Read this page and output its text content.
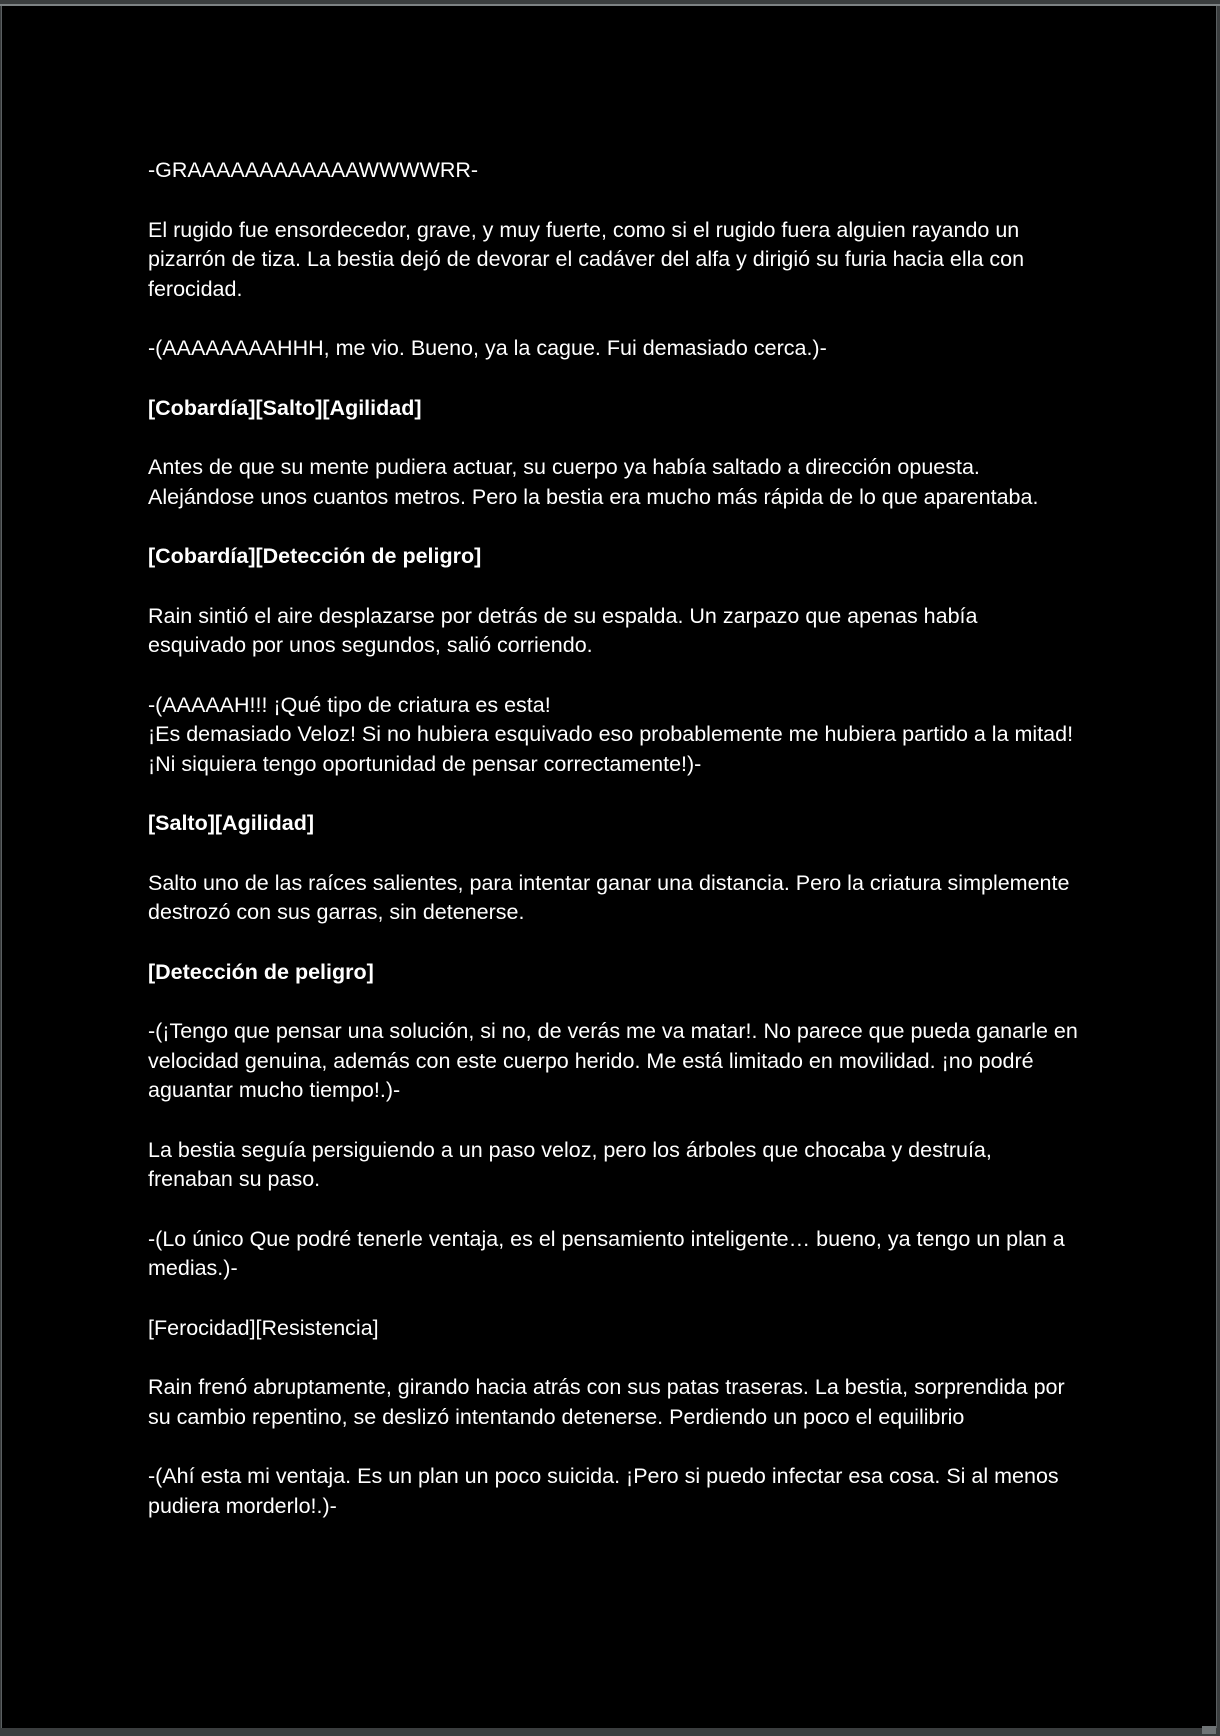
-GRAAAAAAAAAAAAWWWWRR-

El rugido fue ensordecedor, grave, y muy fuerte, como si el rugido fuera alguien rayando un pizarrón de tiza. La bestia dejó de devorar el cadáver del alfa y dirigió su furia hacia ella con ferocidad.

-(AAAAAAAAHHH, me vio. Bueno, ya la cague. Fui demasiado cerca.)-

[Cobardía][Salto][Agilidad]

Antes de que su mente pudiera actuar, su cuerpo ya había saltado a dirección opuesta. Alejándose unos cuantos metros. Pero la bestia era mucho más rápida de lo que aparentaba.

[Cobardía][Detección de peligro]

Rain sintió el aire desplazarse por detrás de su espalda. Un zarpazo que apenas había esquivado por unos segundos, salió corriendo.

-(AAAAAH!!! ¡Qué tipo de criatura es esta!

¡Es demasiado Veloz! Si no hubiera esquivado eso probablemente me hubiera partido a la mitad! ¡Ni siquiera tengo oportunidad de pensar correctamente!)-

[Salto][Agilidad]

Salto uno de las raíces salientes, para intentar ganar una distancia. Pero la criatura simplemente destrozó con sus garras, sin detenerse.

[Detección de peligro]

-(¡Tengo que pensar una solución, si no, de verás me va matar!. No parece que pueda ganarle en velocidad genuina, además con este cuerpo herido. Me está limitado en movilidad. ¡no podré aguantar mucho tiempo!.)-

La bestia seguía persiguiendo a un paso veloz, pero los árboles que chocaba y destruía, frenaban su paso.

-(Lo único Que podré tenerle ventaja, es el pensamiento inteligente… bueno, ya tengo un plan a medias.)-

[Ferocidad][Resistencia]

Rain frenó abruptamente, girando hacia atrás con sus patas traseras. La bestia, sorprendida por su cambio repentino, se deslizó intentando detenerse. Perdiendo un poco el equilibrio

-(Ahí esta mi ventaja. Es un plan un poco suicida. ¡Pero si puedo infectar esa cosa. Si al menos pudiera morderlo!.)-
